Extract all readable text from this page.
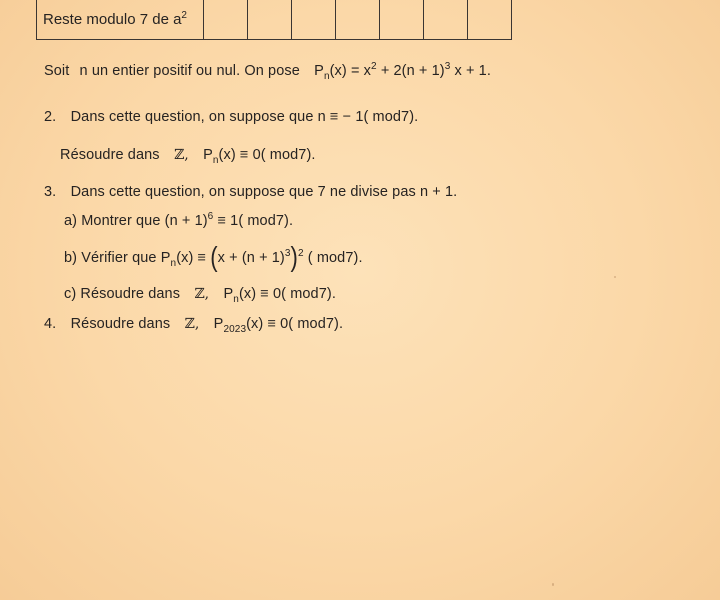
Reste modulo 7 de $a^2$							
Soit n un entier positif ou nul. On pose $P_n(x) = x^2 + 2(n + 1)^3$ x + 1.
2. Dans cette question, on suppose que n ≡ − 1( mod7).
Résoudre dans ℤ, $P_n(x) \equiv 0$( mod7).
3. Dans cette question, on suppose que 7 ne divise pas n + 1.
a) Montrer que $(n + 1)^6 \equiv 1$( mod7).
b) Vérifier que $P_n(x) \equiv (x + (n + 1)^3)^2$ ( mod7).
c) Résoudre dans ℤ, $P_n(x) \equiv 0$( mod7).
4. Résoudre dans ℤ, $P_{2023}(x) \equiv 0$( mod7).
